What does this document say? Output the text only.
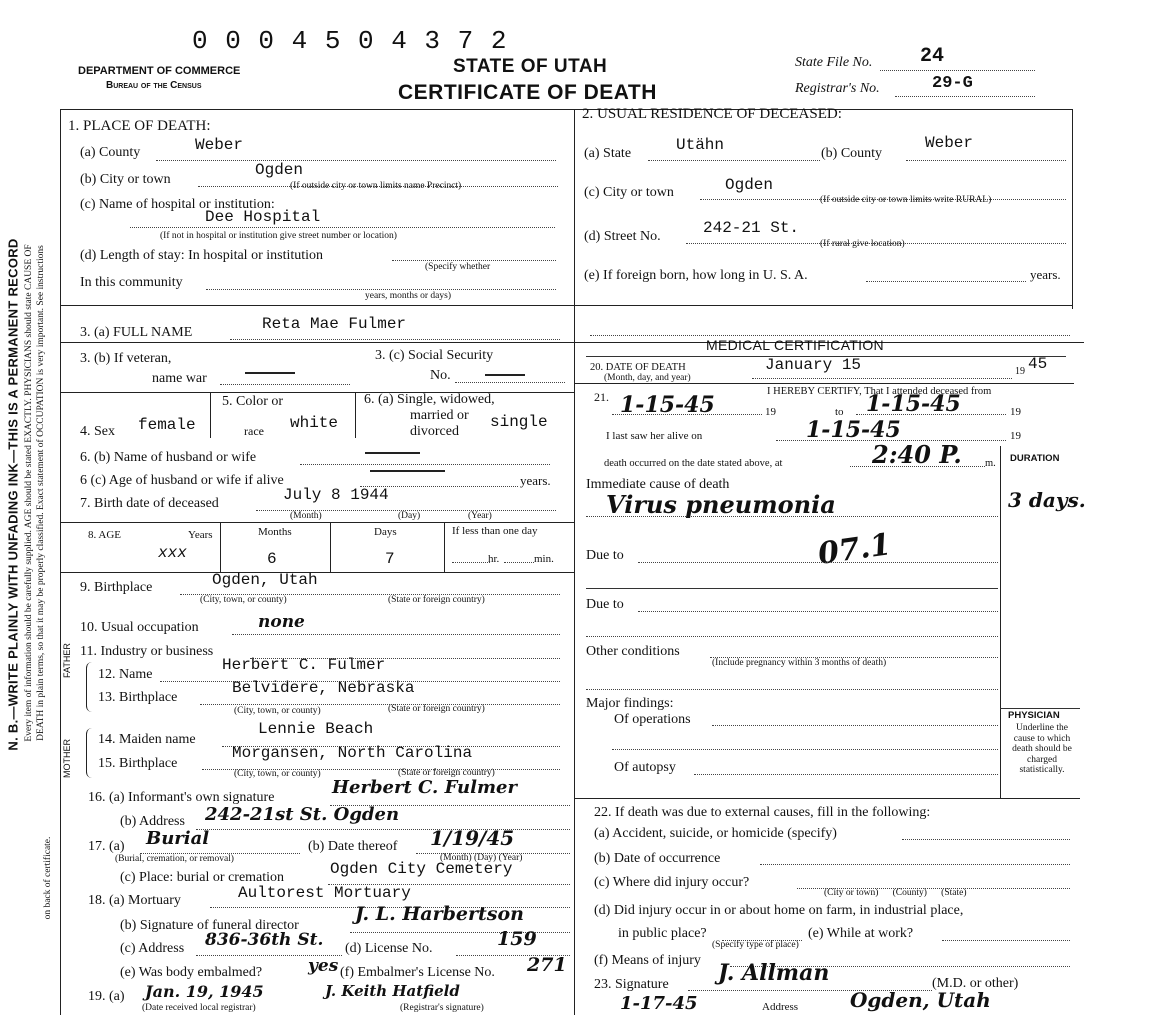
N. B.—WRITE PLAINLY WITH UNFADING INK—THIS IS A PERMANENT RECORD Every item of information should be carefully supplied. AGE should be stated EXACTLY. PHYSICIANS should state CAUSE OF DEATH in plain terms, so that it may be properly classified. Exact statement of OCCUPATION is very important. See instructions
on back of certificate.
0 0 0 4 5 0 4 3 7 2
DEPARTMENT OF COMMERCE
Bureau of the Census
STATE OF UTAH
CERTIFICATE OF DEATH
State File No. 24
Registrar's No.	29-G
1. PLACE OF DEATH:
(a) County	Weber
(b) City or town
Ogden
(If outside city or town limits name Precinct)
(c) Name of hospital or institution:
Dee Hospital
(If not in hospital or institution give street number or location)
(d) Length of stay: In hospital or institution
(Specify whether
In this community
years, months or days)
2. USUAL RESIDENCE OF DECEASED:
(a) State	Utähn	(b) County
Weber
(c) City or town	Ogden
(If outside city or town limits write RURAL)
(d) Street No.	242-21 St.
(If rural give location)
(e) If foreign born, how long in U. S. A.	years.
3. (a) FULL NAME	Reta Mae Fulmer
3. (b) If veteran,
name war
3. (c) Social Security
No.
4. Sex female
5. Color or
race white
6. (a) Single, widowed,
married or
divorced
single
6. (b) Name of husband or wife
6 (c) Age of husband or wife if alive	years.
7. Birth date of deceased	July 8 1944
(Month)	(Day)	(Year)
8. AGE	Years	Months	Days	If less than one day
xxx	6	7	hr.	min.
9. Birthplace	Ogden, Utah
(City, town, or county)	(State or foreign country)
10. Usual occupation	none
11. Industry or business
FATHER
MOTHER
12. Name
Herbert C. Fulmer
13. Birthplace
Belvidere, Nebraska
(City, town, or county)	(State or foreign country)
14. Maiden name
Lennie Beach
15. Birthplace
Morgansen, North Carolina
(City, town, or county)	(State or foreign country)
16. (a) Informant's own signature	Herbert C. Fulmer
(b) Address 242-21st St. Ogden
17. (a) Burial
(Burial, cremation, or removal)
(b) Date thereof 1/19/45
(Month) (Day) (Year)
(c) Place: burial or cremation	Ogden City Cemetery
18. (a) Mortuary	Aultorest Mortuary
(b) Signature of funeral director
J. L. Harbertson
(c) Address 836-36th St. (d) License No.	159
(e) Was body embalmed?	yes (f) Embalmer's License No. 271
19. (a) Jan. 19, 1945	J. Keith Hatfield
(Date received local registrar)	(Registrar's signature)
MEDICAL CERTIFICATION
20. DATE OF DEATH
(Month, day, and year)
January 15	19 45
21.	I HEREBY CERTIFY, That I attended deceased from
1-15-45	19	to 1-15-45	19
I last saw her alive on	1-15-45	19
death occurred on the date stated above, at	2:40 P. m. DURATION
Immediate cause of death
Virus pneumonia	3 days.
07.1
Due to
Due to
Other conditions
(Include pregnancy within 3 months of death)
Major findings:
Of operations
Of autopsy
PHYSICIAN
Underline the cause to which death should be charged statistically.
22. If death was due to external causes, fill in the following:
(a) Accident, suicide, or homicide (specify)
(b) Date of occurrence
(c) Where did injury occur?
(City or town)      (County)      (State)
(d) Did injury occur in or about home on farm, in industrial place,
in public place?
(Specify type of place)
(e) While at work?
(f) Means of injury
23. Signature J. Allman	(M.D. or other)
1-17-45	Address	Ogden, Utah
